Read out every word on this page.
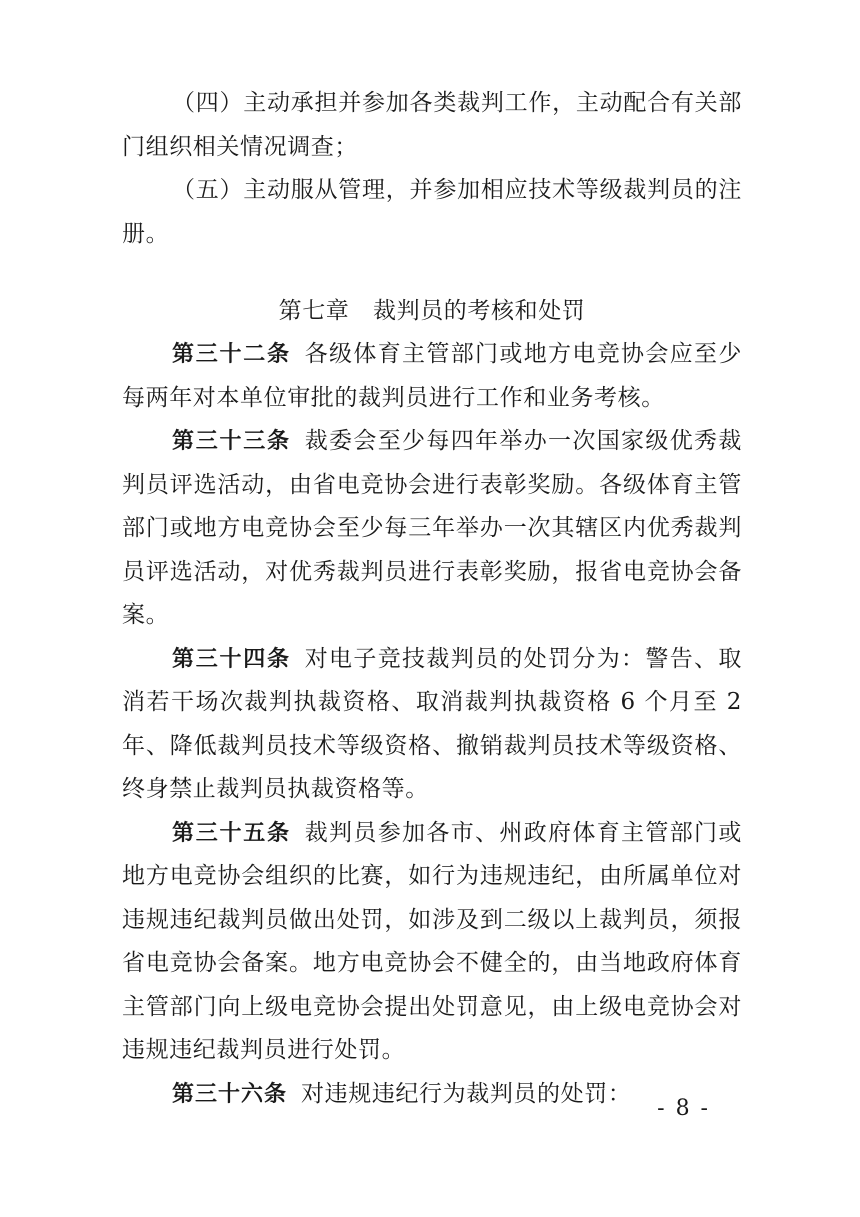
（四）主动承担并参加各类裁判工作，主动配合有关部门组织相关情况调查；

（五）主动服从管理，并参加相应技术等级裁判员的注册。

第七章　裁判员的考核和处罚

第三十二条 各级体育主管部门或地方电竞协会应至少每两年对本单位审批的裁判员进行工作和业务考核。

第三十三条 裁委会至少每四年举办一次国家级优秀裁判员评选活动，由省电竞协会进行表彰奖励。各级体育主管部门或地方电竞协会至少每三年举办一次其辖区内优秀裁判员评选活动，对优秀裁判员进行表彰奖励，报省电竞协会备案。

第三十四条 对电子竞技裁判员的处罚分为：警告、取消若干场次裁判执裁资格、取消裁判执裁资格 6 个月至 2 年、降低裁判员技术等级资格、撤销裁判员技术等级资格、终身禁止裁判员执裁资格等。

第三十五条 裁判员参加各市、州政府体育主管部门或地方电竞协会组织的比赛，如行为违规违纪，由所属单位对违规违纪裁判员做出处罚，如涉及到二级以上裁判员，须报省电竞协会备案。地方电竞协会不健全的，由当地政府体育主管部门向上级电竞协会提出处罚意见，由上级电竞协会对违规违纪裁判员进行处罚。

第三十六条 对违规违纪行为裁判员的处罚：

- 8 -
